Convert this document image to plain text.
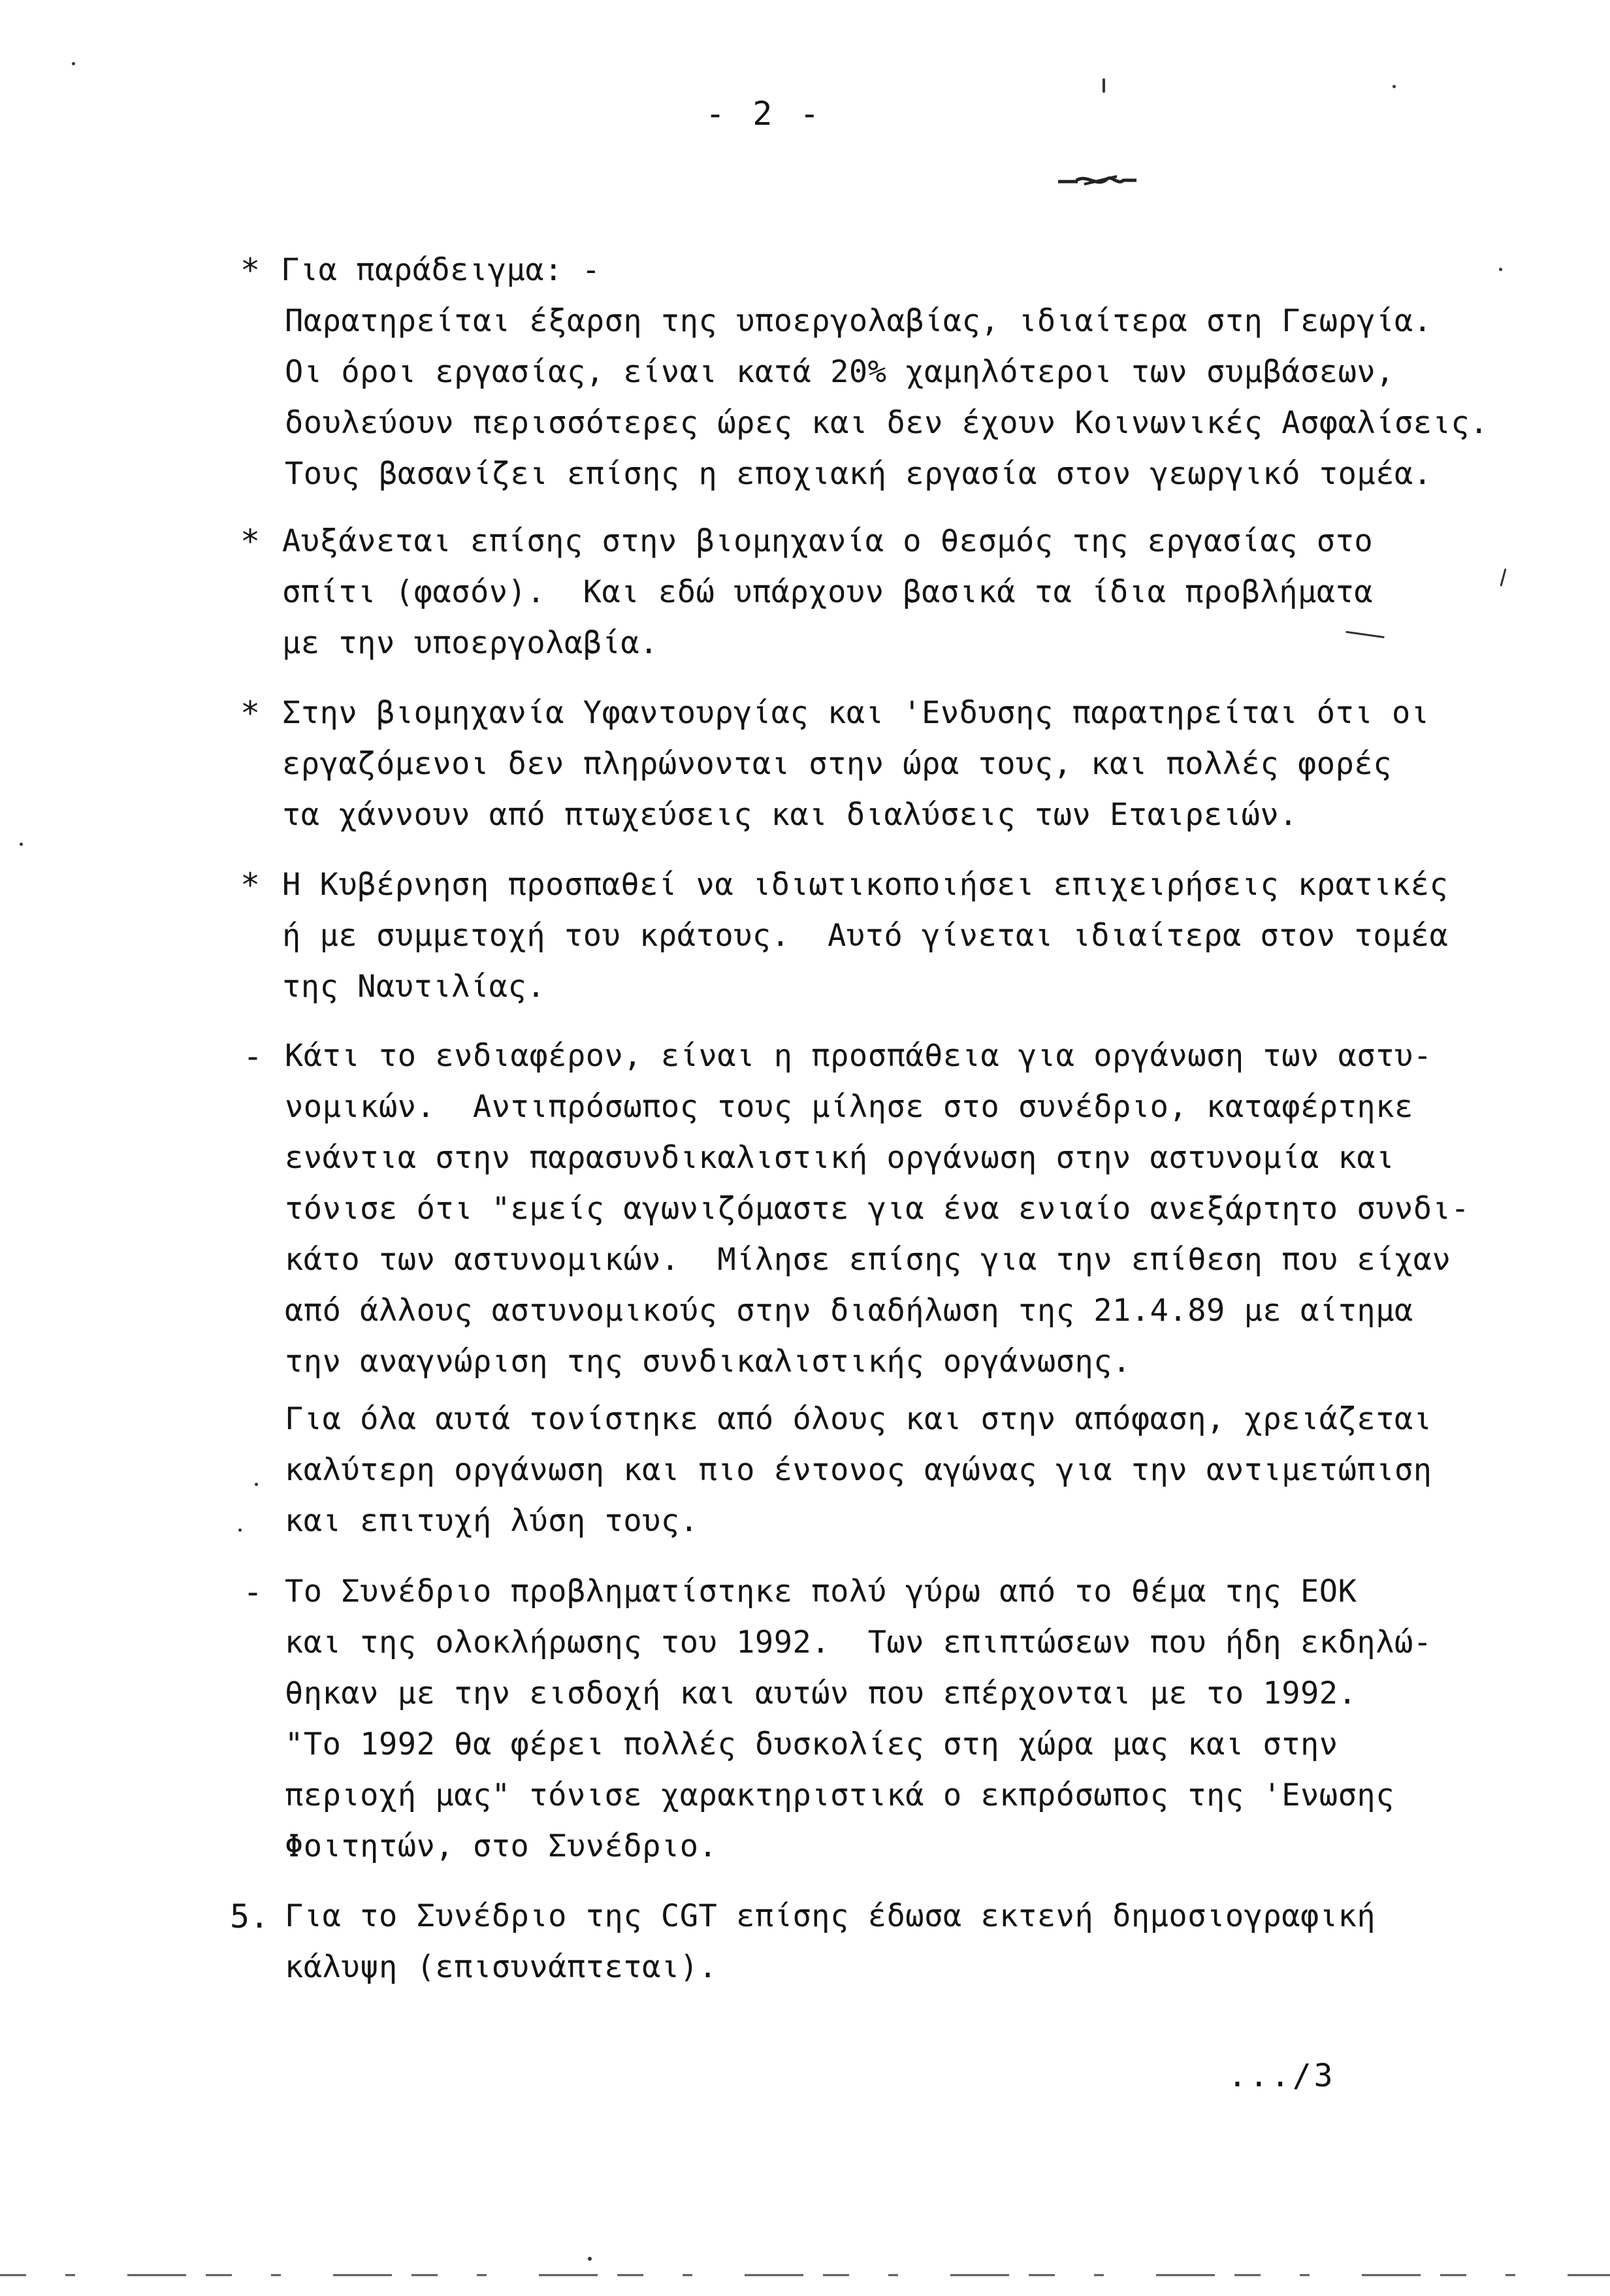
- 2 -
* Για παράδειγμα: -
Παρατηρείται έξαρση της υποεργολαβίας, ιδιαίτερα στη Γεωργία.
Οι όροι εργασίας, είναι κατά 20% χαμηλότεροι των συμβάσεων,
δουλεύουν περισσότερες ώρες και δεν έχουν Κοινωνικές Ασφαλίσεις.
Τους βασανίζει επίσης η εποχιακή εργασία στον γεωργικό τομέα.
* Αυξάνεται επίσης στην βιομηχανία ο θεσμός της εργασίας στο
σπίτι (φασόν).  Και εδώ υπάρχουν βασικά τα ίδια προβλήματα
με την υποεργολαβία.
* Στην βιομηχανία Υφαντουργίας και 'Ενδυσης παρατηρείται ότι οι
εργαζόμενοι δεν πληρώνονται στην ώρα τους, και πολλές φορές
τα χάννουν από πτωχεύσεις και διαλύσεις των Εταιρειών.
* Η Κυβέρνηση προσπαθεί να ιδιωτικοποιήσει επιχειρήσεις κρατικές
ή με συμμετοχή του κράτους.  Αυτό γίνεται ιδιαίτερα στον τομέα
της Ναυτιλίας.
- Κάτι το ενδιαφέρον, είναι η προσπάθεια για οργάνωση των αστυ-
νομικών.  Αντιπρόσωπος τους μίλησε στο συνέδριο, καταφέρτηκε
ενάντια στην παρασυνδικαλιστική οργάνωση στην αστυνομία και
τόνισε ότι "εμείς αγωνιζόμαστε για ένα ενιαίο ανεξάρτητο συνδι-
κάτο των αστυνομικών.  Μίλησε επίσης για την επίθεση που είχαν
από άλλους αστυνομικούς στην διαδήλωση της 21.4.89 με αίτημα
την αναγνώριση της συνδικαλιστικής οργάνωσης.
Για όλα αυτά τονίστηκε από όλους και στην απόφαση, χρειάζεται
καλύτερη οργάνωση και πιο έντονος αγώνας για την αντιμετώπιση
και επιτυχή λύση τους.
- Το Συνέδριο προβληματίστηκε πολύ γύρω από το θέμα της ΕΟΚ
και της ολοκλήρωσης του 1992.  Των επιπτώσεων που ήδη εκδηλώ-
θηκαν με την εισδοχή και αυτών που επέρχονται με το 1992.
"Το 1992 θα φέρει πολλές δυσκολίες στη χώρα μας και στην
περιοχή μας" τόνισε χαρακτηριστικά ο εκπρόσωπος της 'Ενωσης
Φοιτητών, στο Συνέδριο.
5. Για το Συνέδριο της CGT επίσης έδωσα εκτενή δημοσιογραφική
κάλυψη (επισυνάπτεται).
.../3
